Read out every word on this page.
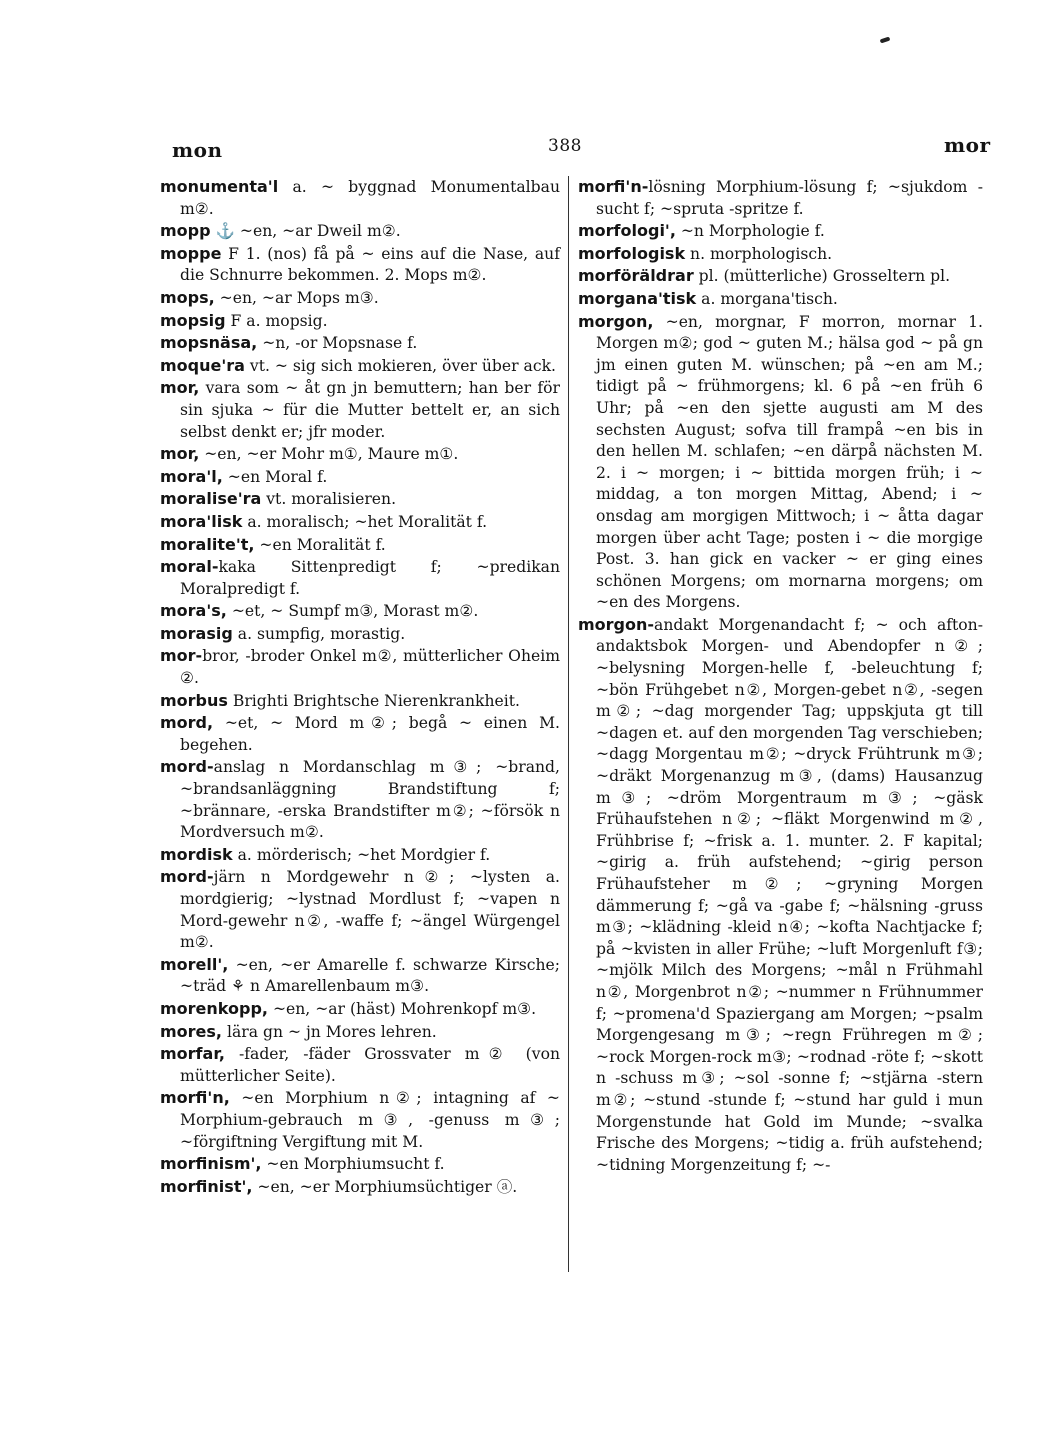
mon	388	mor

monumenta'l a. ~ byggnad Monumentalbau m②.

mopp ⚓ ~en, ~ar Dweil m②.

moppe F 1. (nos) få på ~ eins auf die Nase, auf die Schnurre bekommen. 2. Mops m②.

mops, ~en, ~ar Mops m③.

mopsig F a. mopsig.

mopsnäsa, ~n, -or Mopsnase f.

moque'ra vt. ~ sig sich mokieren, över über ack.

mor, vara som ~ åt gn jn bemuttern; han ber för sin sjuka ~ für die Mutter bettelt er, an sich selbst denkt er; jfr moder.

mor, ~en, ~er Mohr m①, Maure m①.

mora'l, ~en Moral f.

moralise'ra vt. moralisieren.

mora'lisk a. moralisch; ~het Moralität f.

moralite't, ~en Moralität f.

moral-kaka Sittenpredigt f; ~predikan Moralpredigt f.

mora's, ~et, ~ Sumpf m③, Morast m②.

morasig a. sumpfig, morastig.

mor-bror, -broder Onkel m②, mütterlicher Oheim ②.

morbus Brighti Brightsche Nierenkrankheit.

mord, ~et, ~ Mord m②; begå ~ einen M. begehen.

mord-anslag n Mordanschlag m③; ~brand, ~brandsanläggning Brandstiftung f; ~brännare, -erska Brandstifter m②; ~försök n Mordversuch m②.

mordisk a. mörderisch; ~het Mordgier f.

mord-järn n Mordgewehr n②; ~lysten a. mordgierig; ~lystnad Mordlust f; ~vapen n Mord-gewehr n②, -waffe f; ~ängel Würgengel m②.

morell', ~en, ~er Amarelle f. schwarze Kirsche; ~träd ⚘ n Amarellenbaum m③.

morenkopp, ~en, ~ar (häst) Mohrenkopf m③.

mores, lära gn ~ jn Mores lehren.

morfar, -fader, -fäder Grossvater m② (von mütterlicher Seite).

morfi'n, ~en Morphium n②; intagning af ~ Morphium-gebrauch m③, -genuss m③; ~förgiftning Vergiftung mit M.

morfinism', ~en Morphiumsucht f.

morfinist', ~en, ~er Morphiumsüchtiger ⓐ.

morfi'n-lösning Morphium-lösung f; ~sjukdom -sucht f; ~spruta -spritze f.

morfologi', ~n Morphologie f.

morfologisk n. morphologisch.

morföräldrar pl. (mütterliche) Grosseltern pl.

morgana'tisk a. morgana'tisch.

morgon, ~en, morgnar, F morron, mornar 1. Morgen m②; god ~ guten M.; hälsa god ~ på gn jm einen guten M. wünschen; på ~en am M.; tidigt på ~ frühmorgens; kl. 6 på ~en früh 6 Uhr; på ~en den sjette augusti am M des sechsten August; sofva till frampå ~en bis in den hellen M. schlafen; ~en därpå nächsten M. 2. i ~ morgen; i ~ bittida morgen früh; i ~ middag, a ton morgen Mittag, Abend; i ~ onsdag am morgigen Mittwoch; i ~ åtta dagar morgen über acht Tage; posten i ~ die morgige Post. 3. han gick en vacker ~ er ging eines schönen Morgens; om mornarna morgens; om ~en des Morgens.

morgon-andakt Morgenandacht f; ~ och afton-andaktsbok Morgen- und Abendopfer n②; ~belysning Morgen-helle f, -beleuchtung f; ~bön Frühgebet n②, Morgen-gebet n②, -segen m②; ~dag morgender Tag; uppskjuta gt till ~dagen et. auf den morgenden Tag verschieben; ~dagg Morgentau m②; ~dryck Frühtrunk m③; ~dräkt Morgenanzug m③, (dams) Hausanzug m③; ~dröm Morgentraum m③; ~gäsk Frühaufstehen n②; ~fläkt Morgenwind m②, Frühbrise f; ~frisk a. 1. munter. 2. F kapital; ~girig a. früh aufstehend; ~girig person Frühaufsteher m②; ~gryning Morgen dämmerung f; ~gå va -gabe f; ~hälsning -gruss m③; ~klädning -kleid n④; ~kofta Nachtjacke f; på ~kvisten in aller Frühe; ~luft Morgenluft f③; ~mjölk Milch des Morgens; ~mål n Frühmahl n②, Morgenbrot n②; ~nummer n Frühnummer f; ~promena'd Spaziergang am Morgen; ~psalm Morgengesang m③; ~regn Frühregen m②; ~rock Morgen-rock m③; ~rodnad -röte f; ~skott n -schuss m③; ~sol -sonne f; ~stjärna -stern m②; ~stund -stunde f; ~stund har guld i mun Morgenstunde hat Gold im Munde; ~svalka Frische des Morgens; ~tidig a. früh aufstehend; ~tidning Morgenzeitung f; ~-
